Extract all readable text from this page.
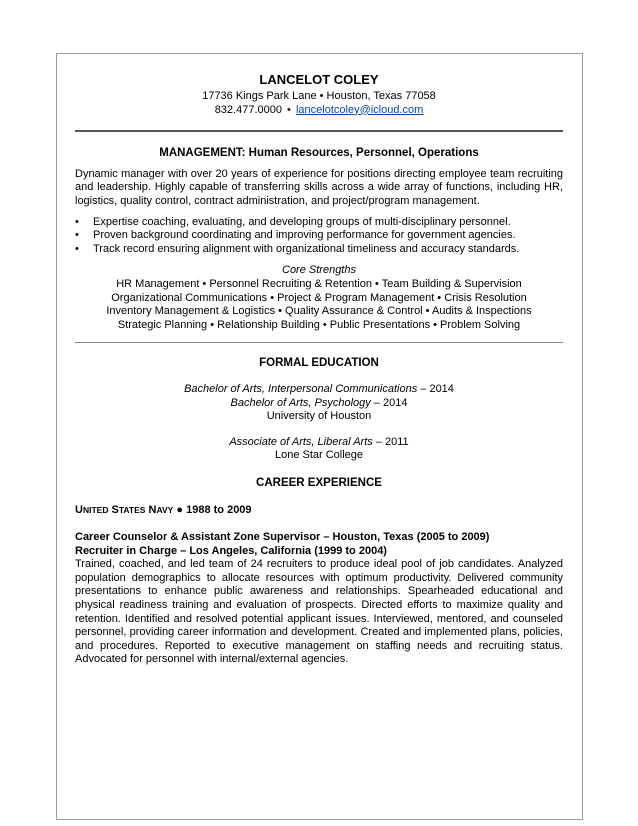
LANCELOT COLEY
17736 Kings Park Lane • Houston, Texas 77058
832.477.0000 • lancelotcoley@icloud.com
MANAGEMENT: Human Resources, Personnel, Operations
Dynamic manager with over 20 years of experience for positions directing employee team recruiting and leadership. Highly capable of transferring skills across a wide array of functions, including HR, logistics, quality control, contract administration, and project/program management.
• Expertise coaching, evaluating, and developing groups of multi-disciplinary personnel.
• Proven background coordinating and improving performance for government agencies.
• Track record ensuring alignment with organizational timeliness and accuracy standards.
Core Strengths
HR Management • Personnel Recruiting & Retention • Team Building & Supervision
Organizational Communications • Project & Program Management • Crisis Resolution
Inventory Management & Logistics • Quality Assurance & Control • Audits & Inspections
Strategic Planning • Relationship Building • Public Presentations • Problem Solving
FORMAL EDUCATION
Bachelor of Arts, Interpersonal Communications – 2014
Bachelor of Arts, Psychology – 2014
University of Houston
Associate of Arts, Liberal Arts – 2011
Lone Star College
CAREER EXPERIENCE
UNITED STATES NAVY ● 1988 to 2009
Career Counselor & Assistant Zone Supervisor – Houston, Texas (2005 to 2009)
Recruiter in Charge – Los Angeles, California (1999 to 2004)
Trained, coached, and led team of 24 recruiters to produce ideal pool of job candidates. Analyzed population demographics to allocate resources with optimum productivity. Delivered community presentations to enhance public awareness and relationships. Spearheaded educational and physical readiness training and evaluation of prospects. Directed efforts to maximize quality and retention. Identified and resolved potential applicant issues. Interviewed, mentored, and counseled personnel, providing career information and development. Created and implemented plans, policies, and procedures. Reported to executive management on staffing needs and recruiting status. Advocated for personnel with internal/external agencies.
